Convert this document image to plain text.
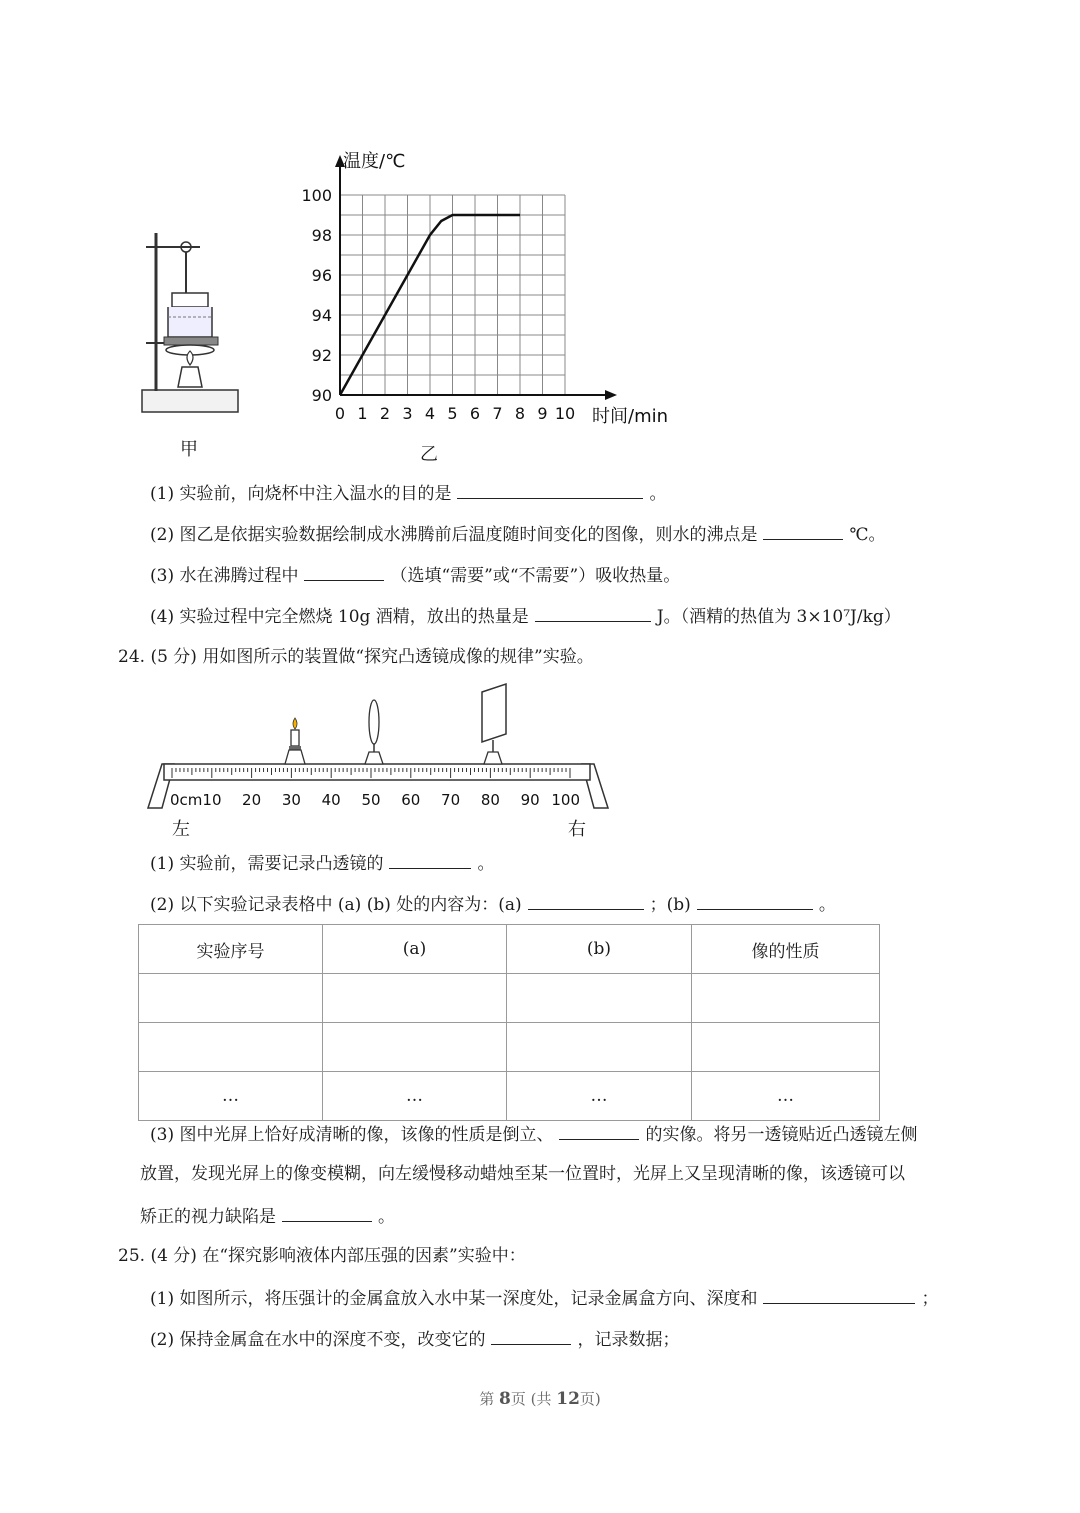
甲
90
92
94
96
98
100
0 1 2 3 4 5 6 7 8 9 10
温度/℃
时间/min
乙
(1) 实验前，向烧杯中注入温水的目的是	。
(2) 图乙是依据实验数据绘制成水沸腾前后温度随时间变化的图像，则水的沸点是	℃。
(3) 水在沸腾过程中	（选填“需要”或“不需要”）吸收热量。
(4) 实验过程中完全燃烧 10g 酒精，放出的热量是	J。（酒精的热值为 3×10⁷J/kg）
24. (5 分) 用如图所示的装置做“探究凸透镜成像的规律”实验。
0cm10 20 30 40 50 60 70 80 90 100
左	右
(1) 实验前，需要记录凸透镜的	。
(2) 以下实验记录表格中 (a) (b) 处的内容为：(a)	；(b)	。
实验序号	(a)	(b)	像的性质

…	…	…	…
(3) 图中光屏上恰好成清晰的像，该像的性质是倒立、	的实像。将另一透镜贴近凸透镜左侧
放置，发现光屏上的像变模糊，向左缓慢移动蜡烛至某一位置时，光屏上又呈现清晰的像，该透镜可以
矫正的视力缺陷是	。
25. (4 分) 在“探究影响液体内部压强的因素”实验中：
(1) 如图所示，将压强计的金属盒放入水中某一深度处，记录金属盒方向、深度和	；
(2) 保持金属盒在水中的深度不变，改变它的	，记录数据；
第 8页 (共 12页)
